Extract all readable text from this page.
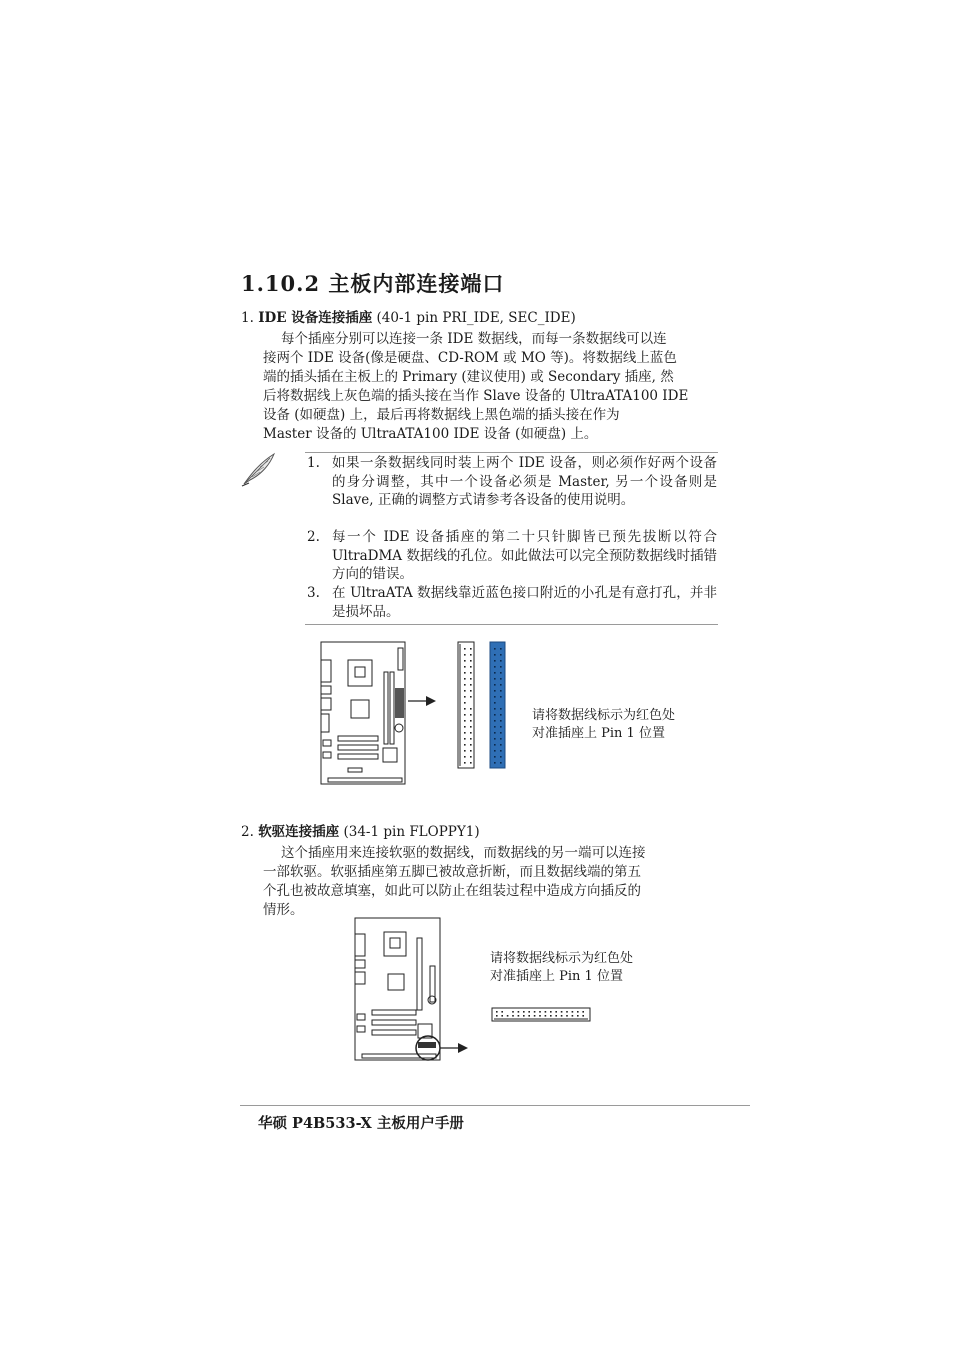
1.10.2 主板内部连接端口
1. IDE 设备连接插座 (40-1 pin PRI_IDE, SEC_IDE)
每个插座分别可以连接一条 IDE 数据线，而每一条数据线可以连
接两个 IDE 设备(像是硬盘、CD-ROM 或 MO 等)。将数据线上蓝色
端的插头插在主板上的 Primary (建议使用) 或 Secondary 插座, 然
后将数据线上灰色端的插头接在当作 Slave 设备的 UltraATA100 IDE
设备 (如硬盘) 上，最后再将数据线上黑色端的插头接在作为
Master 设备的 UltraATA100 IDE 设备 (如硬盘) 上。
1. 如果一条数据线同时装上两个 IDE 设备，则必须作好两个设备的身分调整，其中一个设备必须是 Master, 另一个设备则是 Slave, 正确的调整方式请参考各设备的使用说明。
2. 每一个 IDE 设备插座的第二十只针脚皆已预先拔断以符合 UltraDMA 数据线的孔位。如此做法可以完全预防数据线时插错方向的错误。
3. 在 UltraATA 数据线靠近蓝色接口附近的小孔是有意打孔，并非是损坏品。
请将数据线标示为红色处对准插座上 Pin 1 位置
2. 软驱连接插座 (34-1 pin FLOPPY1)
这个插座用来连接软驱的数据线，而数据线的另一端可以连接
一部软驱。软驱插座第五脚已被故意折断，而且数据线端的第五
个孔也被故意填塞，如此可以防止在组装过程中造成方向插反的
情形。
请将数据线标示为红色处对准插座上 Pin 1 位置
华硕 P4B533-X 主板用户手册
